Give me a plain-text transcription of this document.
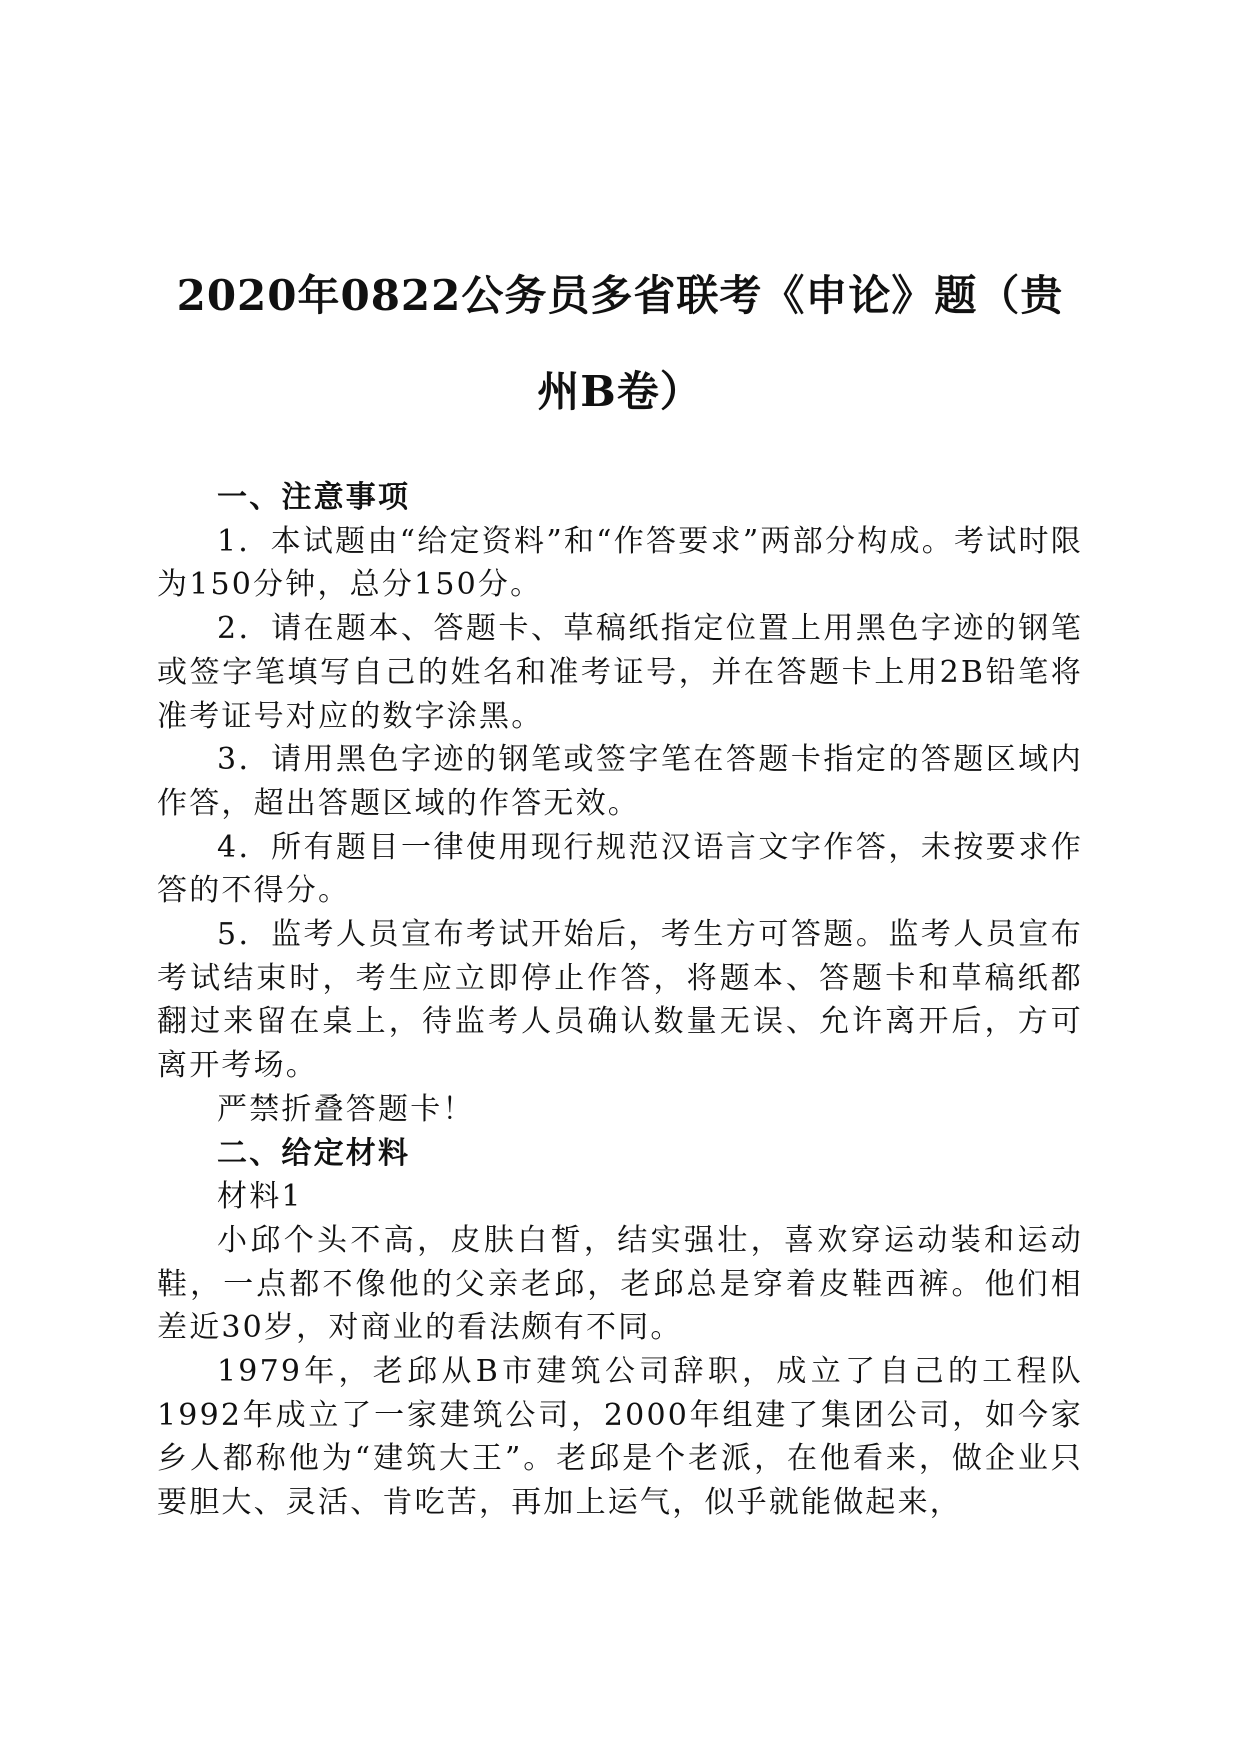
2020年0822公务员多省联考《申论》题（贵州B卷）

一、注意事项

1．本试题由“给定资料”和“作答要求”两部分构成。考试时限为150分钟，总分150分。

2．请在题本、答题卡、草稿纸指定位置上用黑色字迹的钢笔或签字笔填写自己的姓名和准考证号，并在答题卡上用2B铅笔将准考证号对应的数字涂黑。

3．请用黑色字迹的钢笔或签字笔在答题卡指定的答题区域内作答，超出答题区域的作答无效。

4．所有题目一律使用现行规范汉语言文字作答，未按要求作答的不得分。

5．监考人员宣布考试开始后，考生方可答题。监考人员宣布考试结束时，考生应立即停止作答，将题本、答题卡和草稿纸都翻过来留在桌上，待监考人员确认数量无误、允许离开后，方可离开考场。

严禁折叠答题卡！

二、给定材料

材料1

小邱个头不高，皮肤白皙，结实强壮，喜欢穿运动装和运动鞋，一点都不像他的父亲老邱，老邱总是穿着皮鞋西裤。他们相差近30岁，对商业的看法颇有不同。

1979年，老邱从B市建筑公司辞职，成立了自己的工程队1992年成立了一家建筑公司，2000年组建了集团公司，如今家乡人都称他为“建筑大王”。老邱是个老派，在他看来，做企业只要胆大、灵活、肯吃苦，再加上运气，似乎就能做起来，
